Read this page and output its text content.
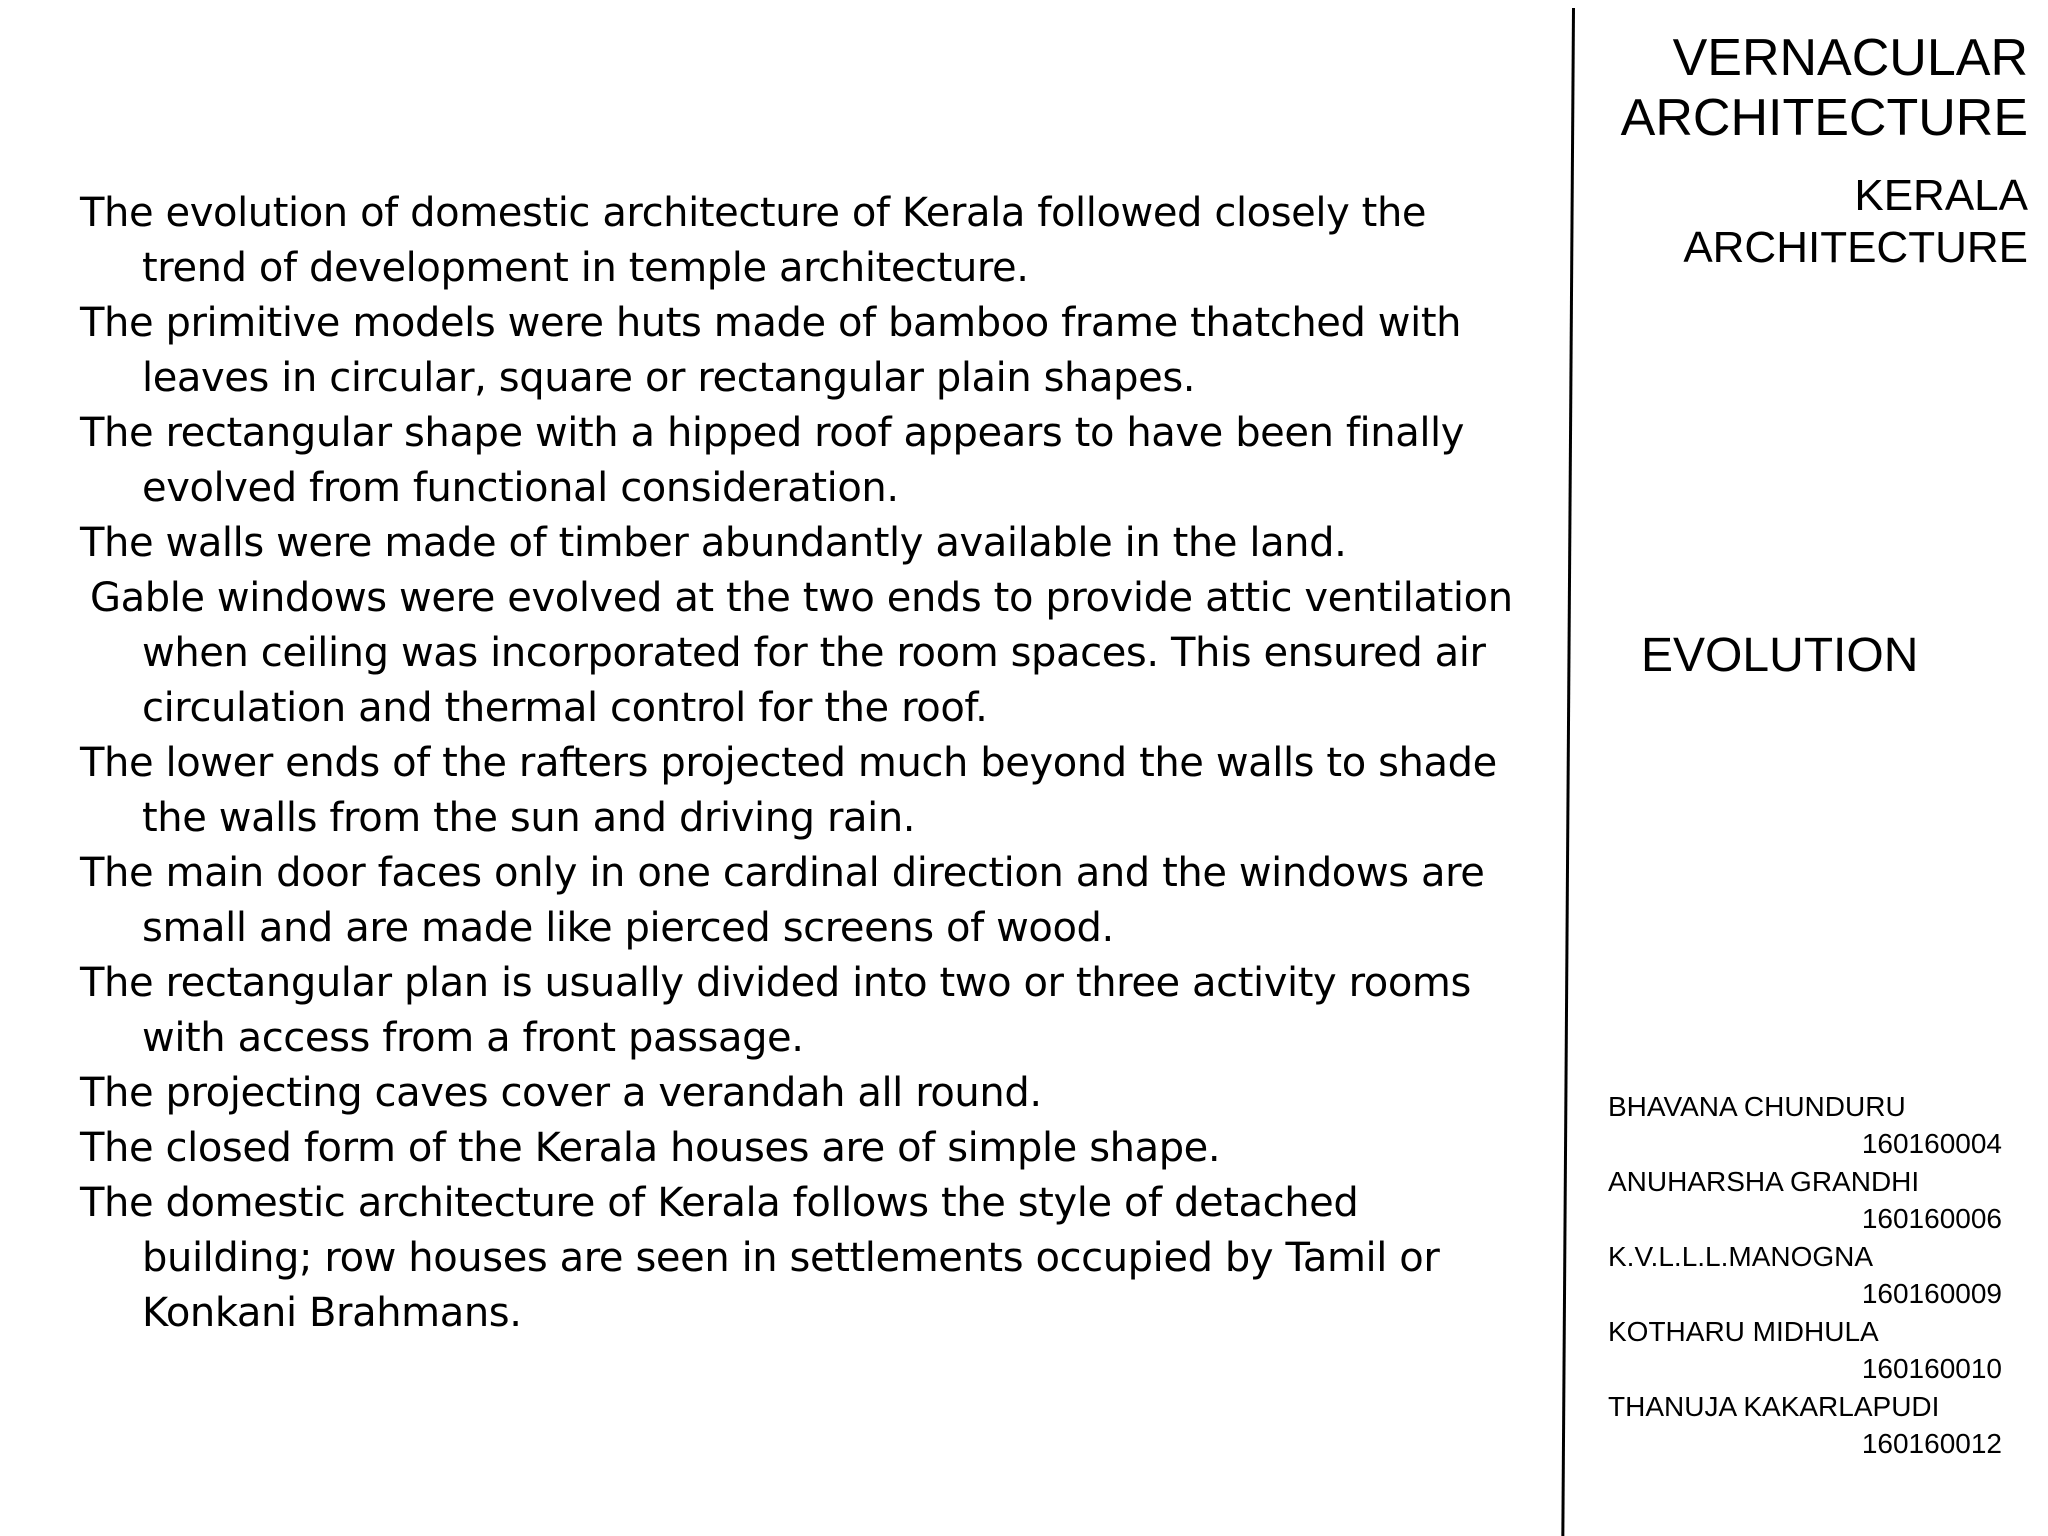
The evolution of domestic architecture of Kerala followed closely the trend of development in temple architecture.

The primitive models were huts made of bamboo frame thatched with leaves in circular, square or rectangular plain shapes.

The rectangular shape with a hipped roof appears to have been finally evolved from functional consideration.

The walls were made of timber abundantly available in the land.

Gable windows were evolved at the two ends to provide attic ventilation when ceiling was incorporated for the room spaces. This ensured air circulation and thermal control for the roof.

The lower ends of the rafters projected much beyond the walls to shade the walls from the sun and driving rain.

The main door faces only in one cardinal direction and the windows are small and are made like pierced screens of wood.

The rectangular plan is usually divided into two or three activity rooms with access from a front passage.

The projecting caves cover a verandah all round.

The closed form of the Kerala houses are of simple shape.

The domestic architecture of Kerala follows the style of detached building; row houses are seen in settlements occupied by Tamil or Konkani Brahmans.

VERNACULAR
ARCHITECTURE
KERALA
ARCHITECTURE
EVOLUTION
BHAVANA CHUNDURU
160160004
ANUHARSHA GRANDHI
160160006
K.V.L.L.L.MANOGNA
160160009
KOTHARU MIDHULA
160160010
THANUJA KAKARLAPUDI
160160012
